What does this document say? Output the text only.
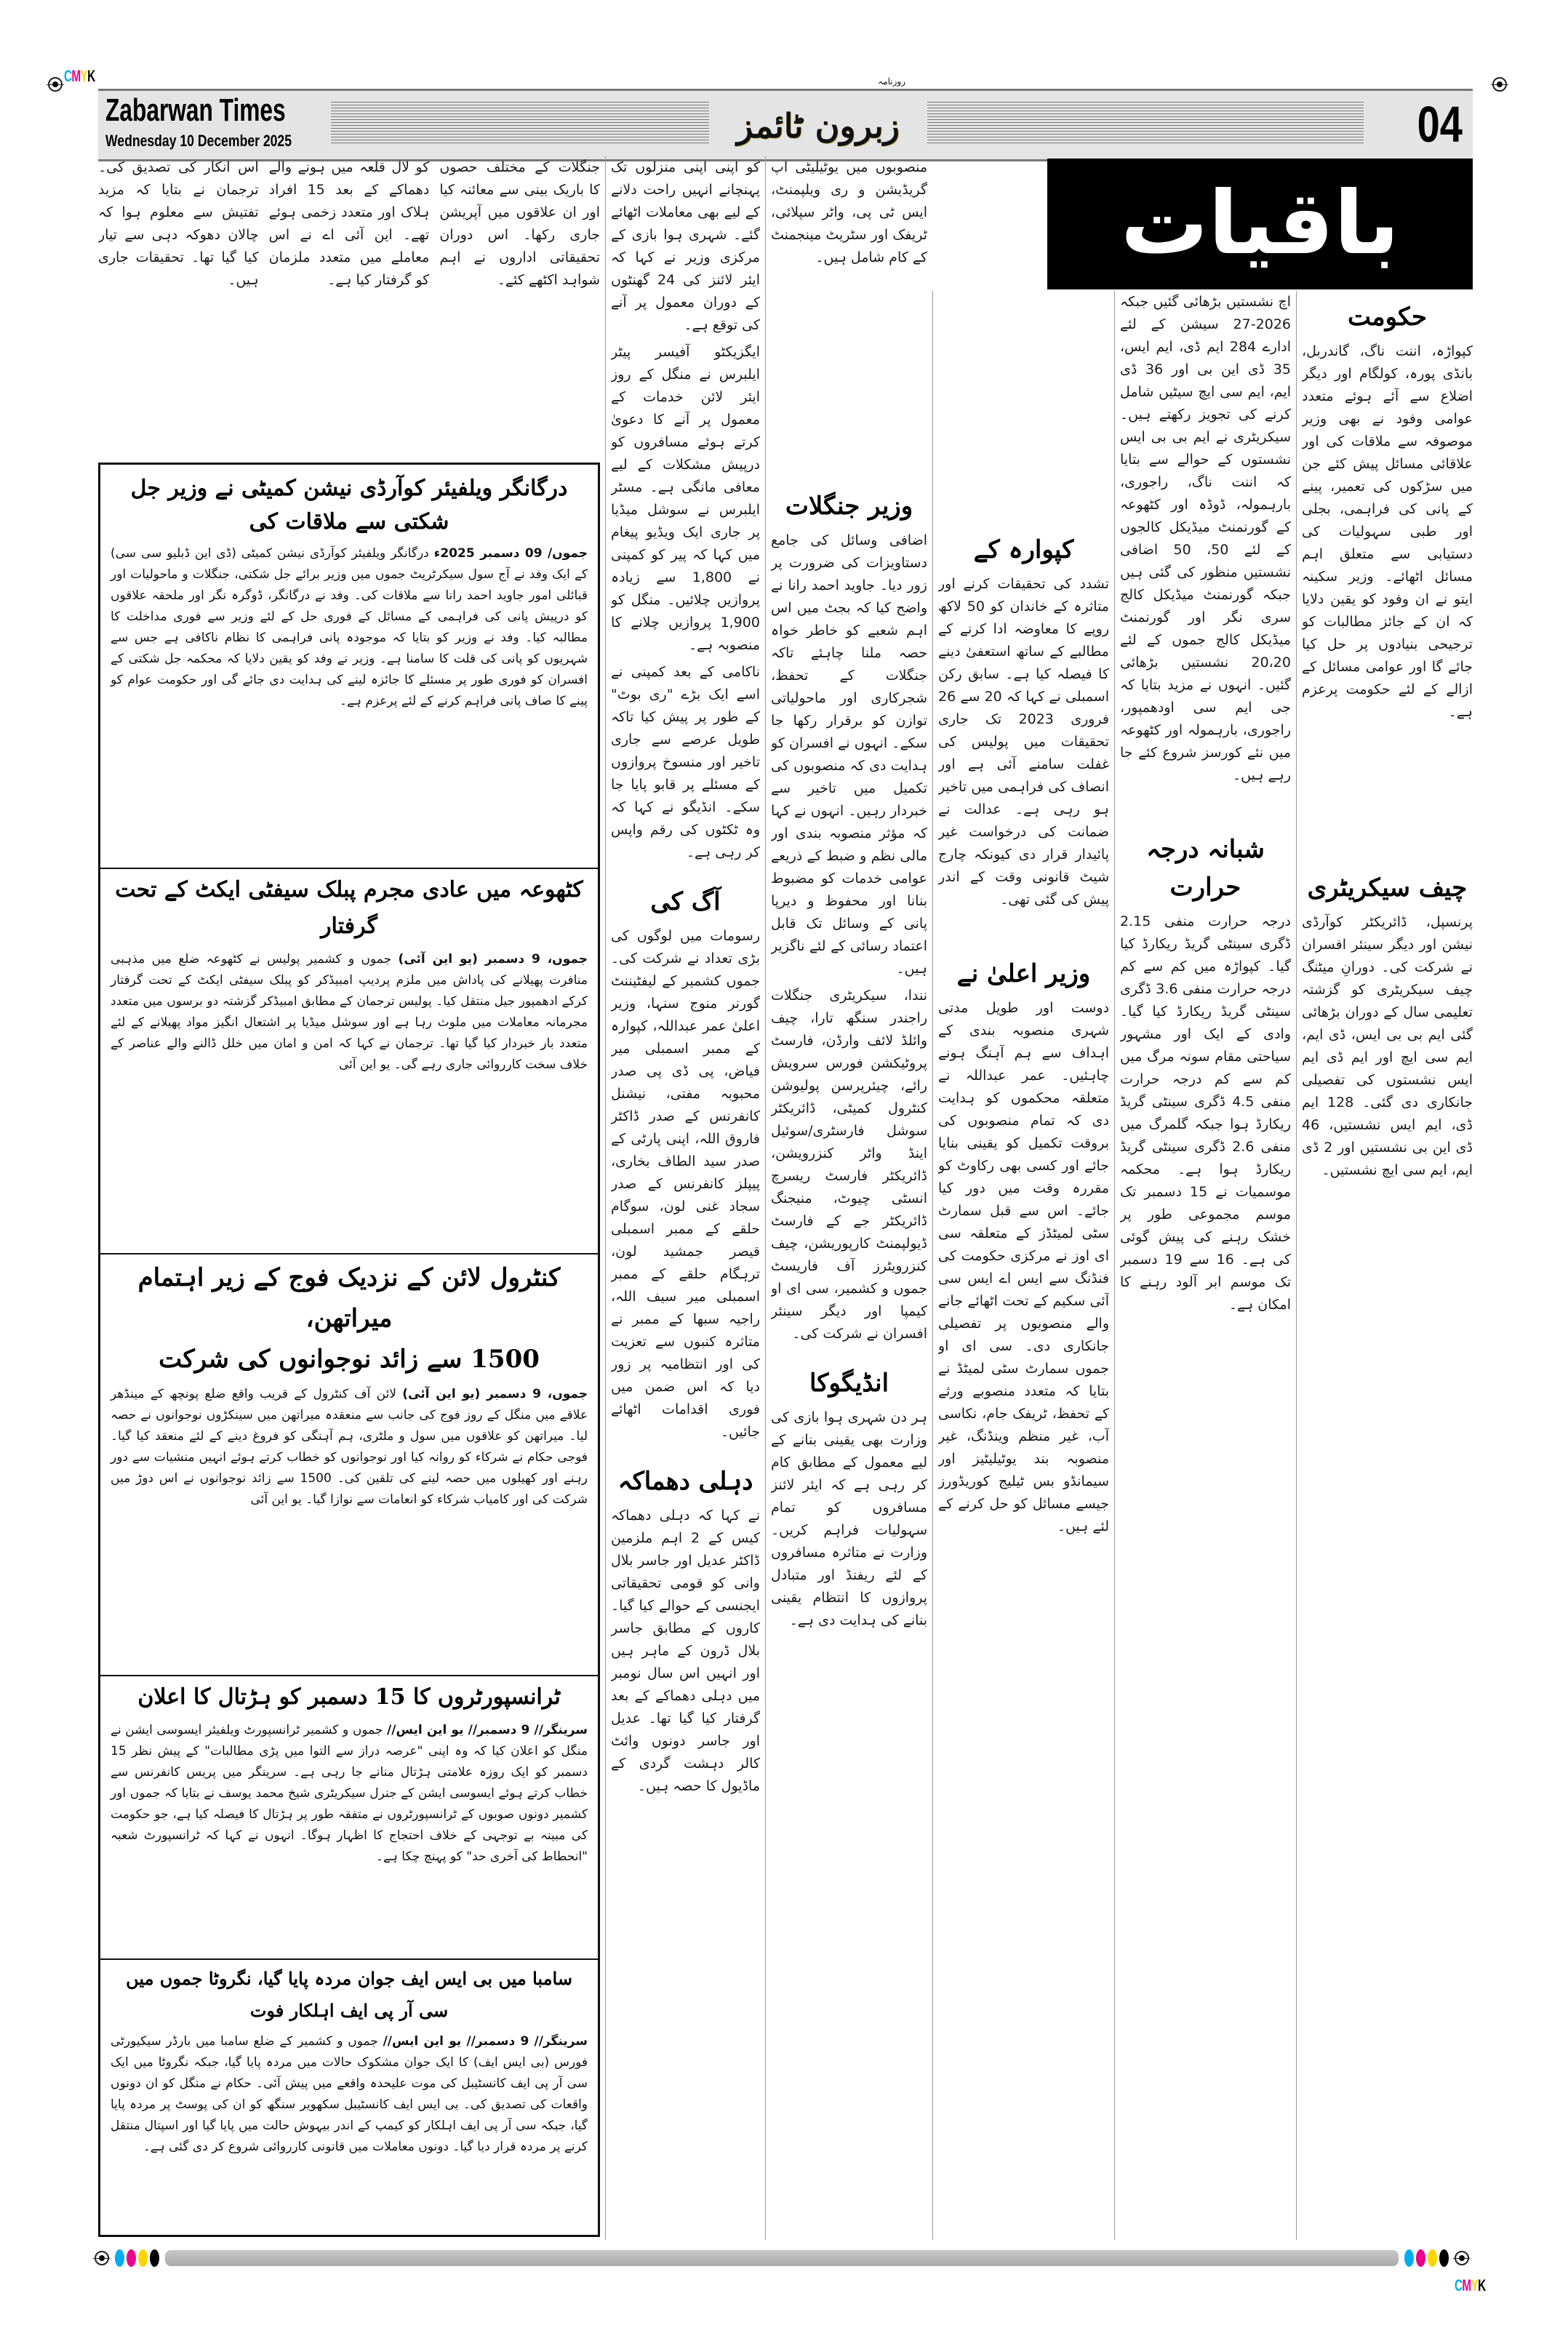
CMYK
Zabarwan Times
Wednesday 10 December 2025
روزنامہ
زبرون ٹائمز	04
باقیات
حکومت

کپواڑہ، اننت ناگ، گاندربل، بانڈی پورہ، کولگام اور دیگر اضلاع سے آئے ہوئے متعدد عوامی وفود نے بھی وزیر موصوفہ سے ملاقات کی اور علاقائی مسائل پیش کئے جن میں سڑکوں کی تعمیر، پینے کے پانی کی فراہمی، بجلی اور طبی سہولیات کی دستیابی سے متعلق اہم مسائل اٹھائے۔ وزیر سکینہ ایتو نے ان وفود کو یقین دلایا کہ ان کے جائز مطالبات کو ترجیحی بنیادوں پر حل کیا جائے گا اور عوامی مسائل کے ازالے کے لئے حکومت پرعزم ہے۔

چیف سیکریٹری

پرنسپل، ڈائریکٹر کوآرڈی نیشن اور دیگر سینئر افسران نے شرکت کی۔ دورانِ میٹنگ چیف سیکریٹری کو گزشتہ تعلیمی سال کے دوران بڑھائی گئی ایم بی بی ایس، ڈی ایم، ایم سی ایچ اور ایم ڈی ایم ایس نشستوں کی تفصیلی جانکاری دی گئی۔ 128 ایم ڈی، ایم ایس نشستیں، 46 ڈی این بی نشستیں اور 2 ڈی ایم، ایم سی ایچ نشستیں۔

اچ نشستیں بڑھائی گئیں جبکہ 2026-27 سیشن کے لئے ادارے 284 ایم ڈی، ایم ایس، 35 ڈی این بی اور 36 ڈی ایم، ایم سی ایچ سیٹیں شامل کرنے کی تجویز رکھتے ہیں۔ سیکریٹری نے ایم بی بی ایس نشستوں کے حوالے سے بتایا کہ اننت ناگ، راجوری، بارہمولہ، ڈوڈہ اور کٹھوعہ کے گورنمنٹ میڈیکل کالجوں کے لئے 50، 50 اضافی نشستیں منظور کی گئی ہیں جبکہ گورنمنٹ میڈیکل کالج سری نگر اور گورنمنٹ میڈیکل کالج جموں کے لئے 20،20 نشستیں بڑھائی گئیں۔ انہوں نے مزید بتایا کہ جی ایم سی اودھمپور، راجوری، بارہمولہ اور کٹھوعہ میں نئے کورسز شروع کئے جا رہے ہیں۔

شبانہ درجہ حرارت

درجہ حرارت منفی 2.15 ڈگری سینٹی گریڈ ریکارڈ کیا گیا۔ کپواڑہ میں کم سے کم درجہ حرارت منفی 3.6 ڈگری سینٹی گریڈ ریکارڈ کیا گیا۔ وادی کے ایک اور مشہور سیاحتی مقام سونہ مرگ میں کم سے کم درجہ حرارت منفی 4.5 ڈگری سینٹی گریڈ ریکارڈ ہوا جبکہ گلمرگ میں منفی 2.6 ڈگری سینٹی گریڈ ریکارڈ ہوا ہے۔ محکمہ موسمیات نے 15 دسمبر تک موسم مجموعی طور پر خشک رہنے کی پیش گوئی کی ہے۔ 16 سے 19 دسمبر تک موسم ابر آلود رہنے کا امکان ہے۔

کپوارہ کے

تشدد کی تحقیقات کرنے اور متاثرہ کے خاندان کو 50 لاکھ روپے کا معاوضہ ادا کرنے کے مطالبے کے ساتھ استعفیٰ دینے کا فیصلہ کیا ہے۔ سابق رکن اسمبلی نے کہا کہ 20 سے 26 فروری 2023 تک جاری تحقیقات میں پولیس کی غفلت سامنے آئی ہے اور انصاف کی فراہمی میں تاخیر ہو رہی ہے۔ عدالت نے ضمانت کی درخواست غیر پائیدار قرار دی کیونکہ چارج شیٹ قانونی وقت کے اندر پیش کی گئی تھی۔

وزیر اعلیٰ نے

دوست اور طویل مدتی شہری منصوبہ بندی کے اہداف سے ہم آہنگ ہونے چاہئیں۔ عمر عبداللہ نے متعلقہ محکموں کو ہدایت دی کہ تمام منصوبوں کی بروقت تکمیل کو یقینی بنایا جائے اور کسی بھی رکاوٹ کو مقررہ وقت میں دور کیا جائے۔ اس سے قبل سمارٹ سٹی لمیٹڈز کے متعلقہ سی ای اوز نے مرکزی حکومت کی فنڈنگ سے ایس اے ایس سی آئی سکیم کے تحت اٹھائے جانے والے منصوبوں پر تفصیلی جانکاری دی۔ سی ای او جموں سمارٹ سٹی لمیٹڈ نے بتایا کہ متعدد منصوبے ورثے کے تحفظ، ٹریفک جام، نکاسی آب، غیر منظم وینڈنگ، غیر منصوبہ بند یوٹیلیٹیز اور سیمانڈو بس ٹیلیج کوریڈورز جیسے مسائل کو حل کرنے کے لئے ہیں۔

منصوبوں میں یوٹیلیٹی اپ گریڈیشن و ری ویلپمنٹ، ایس ٹی پی، واٹر سپلائی، ٹریفک اور سٹریٹ مینجمنٹ کے کام شامل ہیں۔

وزیر جنگلات

اضافی وسائل کی جامع دستاویزات کی ضرورت پر زور دیا۔ جاوید احمد رانا نے واضح کیا کہ بجٹ میں اس اہم شعبے کو خاطر خواہ حصہ ملنا چاہئے تاکہ جنگلات کے تحفظ، شجرکاری اور ماحولیاتی توازن کو برقرار رکھا جا سکے۔ انہوں نے افسران کو ہدایت دی کہ منصوبوں کی تکمیل میں تاخیر سے خبردار رہیں۔ انہوں نے کہا کہ مؤثر منصوبہ بندی اور مالی نظم و ضبط کے ذریعے عوامی خدمات کو مضبوط بنانا اور محفوظ و دیرپا پانی کے وسائل تک قابل اعتماد رسائی کے لئے ناگزیر ہیں۔

نندا، سیکریٹری جنگلات راجندر سنگھ تارا، چیف وائلڈ لائف وارڈن، فارسٹ پروٹیکشن فورس سرویش رائے، چیئرپرسن پولیوشن کنٹرول کمیٹی، ڈائریکٹر سوشل فارسٹری/سوئیل اینڈ واٹر کنزرویشن، ڈائریکٹر فارسٹ ریسرچ انسٹی چیوٹ، منیجنگ ڈائریکٹر جے کے فارسٹ ڈیولپمنٹ کارپوریشن، چیف کنزرویٹرز آف فاریسٹ جموں و کشمیر، سی ای او کیمپا اور دیگر سینئر افسران نے شرکت کی۔

انڈیگوکا

ہر دن شہری ہوا بازی کی وزارت بھی یقینی بنانے کے لیے معمول کے مطابق کام کر رہی ہے کہ ایئر لائنز مسافروں کو تمام سہولیات فراہم کریں۔ وزارت نے متاثرہ مسافروں کے لئے ریفنڈ اور متبادل پروازوں کا انتظام یقینی بنانے کی ہدایت دی ہے۔

کو اپنی اپنی منزلوں تک پہنچانے انہیں راحت دلانے کے لیے بھی معاملات اٹھائے گئے۔ شہری ہوا بازی کے مرکزی وزیر نے کہا کہ ایئر لائنز کی 24 گھنٹوں کے دوران معمول پر آنے کی توقع ہے۔

ایگزیکٹو آفیسر پیٹر ایلبرس نے منگل کے روز ایئر لائن خدمات کے معمول پر آنے کا دعویٰ کرتے ہوئے مسافروں کو درپیش مشکلات کے لیے معافی مانگی ہے۔ مسٹر ایلبرس نے سوشل میڈیا پر جاری ایک ویڈیو پیغام میں کہا کہ پیر کو کمپنی نے 1,800 سے زیادہ پروازیں چلائیں۔ منگل کو 1,900 پروازیں چلانے کا منصوبہ ہے۔

ناکامی کے بعد کمپنی نے اسے ایک بڑے "ری بوٹ" کے طور پر پیش کیا تاکہ طویل عرصے سے جاری تاخیر اور منسوخ پروازوں کے مسئلے پر قابو پایا جا سکے۔ انڈیگو نے کہا کہ وہ ٹکٹوں کی رقم واپس کر رہی ہے۔

آگ کی

رسومات میں لوگوں کی بڑی تعداد نے شرکت کی۔ جموں کشمیر کے لیفٹیننٹ گورنر منوج سنہا، وزیر اعلیٰ عمر عبداللہ، کپوارہ کے ممبر اسمبلی میر فیاض، پی ڈی پی صدر محبوبہ مفتی، نیشنل کانفرنس کے صدر ڈاکٹر فاروق اللہ، اپنی پارٹی کے صدر سید الطاف بخاری، پیپلز کانفرنس کے صدر سجاد غنی لون، سوگام حلقے کے ممبر اسمبلی قیصر جمشید لون، ترہگام حلقے کے ممبر اسمبلی میر سیف اللہ، راجیہ سبھا کے ممبر نے متاثرہ کنبوں سے تعزیت کی اور انتظامیہ پر زور دیا کہ اس ضمن میں فوری اقدامات اٹھائے جائیں۔

دہلی دھماکہ

نے کہا کہ دہلی دھماکہ کیس کے 2 اہم ملزمین ڈاکٹر عدیل اور جاسر بلال وانی کو قومی تحقیقاتی ایجنسی کے حوالے کیا گیا۔ کاروں کے مطابق جاسر بلال ڈرون کے ماہر ہیں اور انہیں اس سال نومبر میں دہلی دھماکے کے بعد گرفتار کیا گیا تھا۔ عدیل اور جاسر دونوں وائٹ کالر دہشت گردی کے ماڈیول کا حصہ ہیں۔

جنگلات کے مختلف حصوں کا باریک بینی سے معائنہ کیا اور ان علاقوں میں آپریشن جاری رکھا۔ اس دوران تحقیقاتی اداروں نے اہم شواہد اکٹھے کئے۔

کو لال قلعہ میں ہونے والے دھماکے کے بعد 15 افراد ہلاک اور متعدد زخمی ہوئے تھے۔ این آئی اے نے اس معاملے میں متعدد ملزمان کو گرفتار کیا ہے۔

اس انکار کی تصدیق کی۔ ترجمان نے بتایا کہ مزید تفتیش سے معلوم ہوا کہ چالان دھوکہ دہی سے تیار کیا گیا تھا۔ تحقیقات جاری ہیں۔

درگانگر ویلفیئر کوآرڈی نیشن کمیٹی نے وزیر جل شکتی سے ملاقات کی
جموں/ 09 دسمبر 2025ء درگانگر ویلفیئر کوآرڈی نیشن کمیٹی (ڈی این ڈبلیو سی سی) کے ایک وفد نے آج سول سیکرٹریٹ جموں میں وزیر برائے جل شکتی، جنگلات و ماحولیات اور قبائلی امور جاوید احمد رانا سے ملاقات کی۔ وفد نے درگانگر، ڈوگرہ نگر اور ملحقہ علاقوں کو درپیش پانی کی فراہمی کے مسائل کے فوری حل کے لئے وزیر سے فوری مداخلت کا مطالبہ کیا۔ وفد نے وزیر کو بتایا کہ موجودہ پانی فراہمی کا نظام ناکافی ہے جس سے شہریوں کو پانی کی قلت کا سامنا ہے۔ وزیر نے وفد کو یقین دلایا کہ محکمہ جل شکتی کے افسران کو فوری طور پر مسئلے کا جائزہ لینے کی ہدایت دی جائے گی اور حکومت عوام کو پینے کا صاف پانی فراہم کرنے کے لئے پرعزم ہے۔
کٹھوعہ میں عادی مجرم پبلک سیفٹی ایکٹ کے تحت گرفتار
جموں، 9 دسمبر (یو این آئی) جموں و کشمیر پولیس نے کٹھوعہ ضلع میں مذہبی منافرت پھیلانے کی پاداش میں ملزم پردیپ امبیڈکر کو پبلک سیفٹی ایکٹ کے تحت گرفتار کرکے ادھمپور جیل منتقل کیا۔ پولیس ترجمان کے مطابق امبیڈکر گزشتہ دو برسوں میں متعدد مجرمانہ معاملات میں ملوث رہا ہے اور سوشل میڈیا پر اشتعال انگیز مواد پھیلانے کے لئے متعدد بار خبردار کیا گیا تھا۔ ترجمان نے کہا کہ امن و امان میں خلل ڈالنے والے عناصر کے خلاف سخت کارروائی جاری رہے گی۔ یو این آئی
کنٹرول لائن کے نزدیک فوج کے زیر اہتمام میراتھن،
1500 سے زائد نوجوانوں کی شرکت
جموں، 9 دسمبر (یو این آئی) لائن آف کنٹرول کے قریب واقع ضلع پونچھ کے مینڈھر علاقے میں منگل کے روز فوج کی جانب سے منعقدہ میراتھن میں سینکڑوں نوجوانوں نے حصہ لیا۔ میراتھن کو علاقوں میں سول و ملٹری، ہم آہنگی کو فروغ دینے کے لئے منعقد کیا گیا۔ فوجی حکام نے شرکاء کو روانہ کیا اور نوجوانوں کو خطاب کرتے ہوئے انہیں منشیات سے دور رہنے اور کھیلوں میں حصہ لینے کی تلقین کی۔ 1500 سے زائد نوجوانوں نے اس دوڑ میں شرکت کی اور کامیاب شرکاء کو انعامات سے نوازا گیا۔ یو این آئی
ٹرانسپورٹروں کا 15 دسمبر کو ہڑتال کا اعلان
سرینگر// 9 دسمبر// یو این ایس// جموں و کشمیر ٹرانسپورٹ ویلفیئر ایسوسی ایشن نے منگل کو اعلان کیا کہ وہ اپنی "عرصہ دراز سے التوا میں پڑی مطالبات" کے پیش نظر 15 دسمبر کو ایک روزہ علامتی ہڑتال منانے جا رہی ہے۔ سرینگر میں پریس کانفرنس سے خطاب کرتے ہوئے ایسوسی ایشن کے جنرل سیکریٹری شیخ محمد یوسف نے بتایا کہ جموں اور کشمیر دونوں صوبوں کے ٹرانسپورٹروں نے متفقہ طور پر ہڑتال کا فیصلہ کیا ہے، جو حکومت کی مبینہ بے توجہی کے خلاف احتجاج کا اظہار ہوگا۔ انہوں نے کہا کہ ٹرانسپورٹ شعبہ "انحطاط کی آخری حد" کو پہنچ چکا ہے۔
سامبا میں بی ایس ایف جوان مردہ پایا گیا، نگروٹا جموں میں سی آر پی ایف اہلکار فوت
سرینگر// 9 دسمبر// یو این ایس// جموں و کشمیر کے ضلع سامبا میں بارڈر سیکیورٹی فورس (بی ایس ایف) کا ایک جوان مشکوک حالات میں مردہ پایا گیا، جبکہ نگروٹا میں ایک سی آر پی ایف کانسٹیبل کی موت علیحدہ واقعے میں پیش آئی۔ حکام نے منگل کو ان دونوں واقعات کی تصدیق کی۔ بی ایس ایف کانسٹیبل سکھویر سنگھ کو ان کی پوسٹ پر مردہ پایا گیا، جبکہ سی آر پی ایف اہلکار کو کیمپ کے اندر بیہوش حالت میں پایا گیا اور اسپتال منتقل کرنے پر مردہ قرار دیا گیا۔ دونوں معاملات میں قانونی کارروائی شروع کر دی گئی ہے۔
CMYK
